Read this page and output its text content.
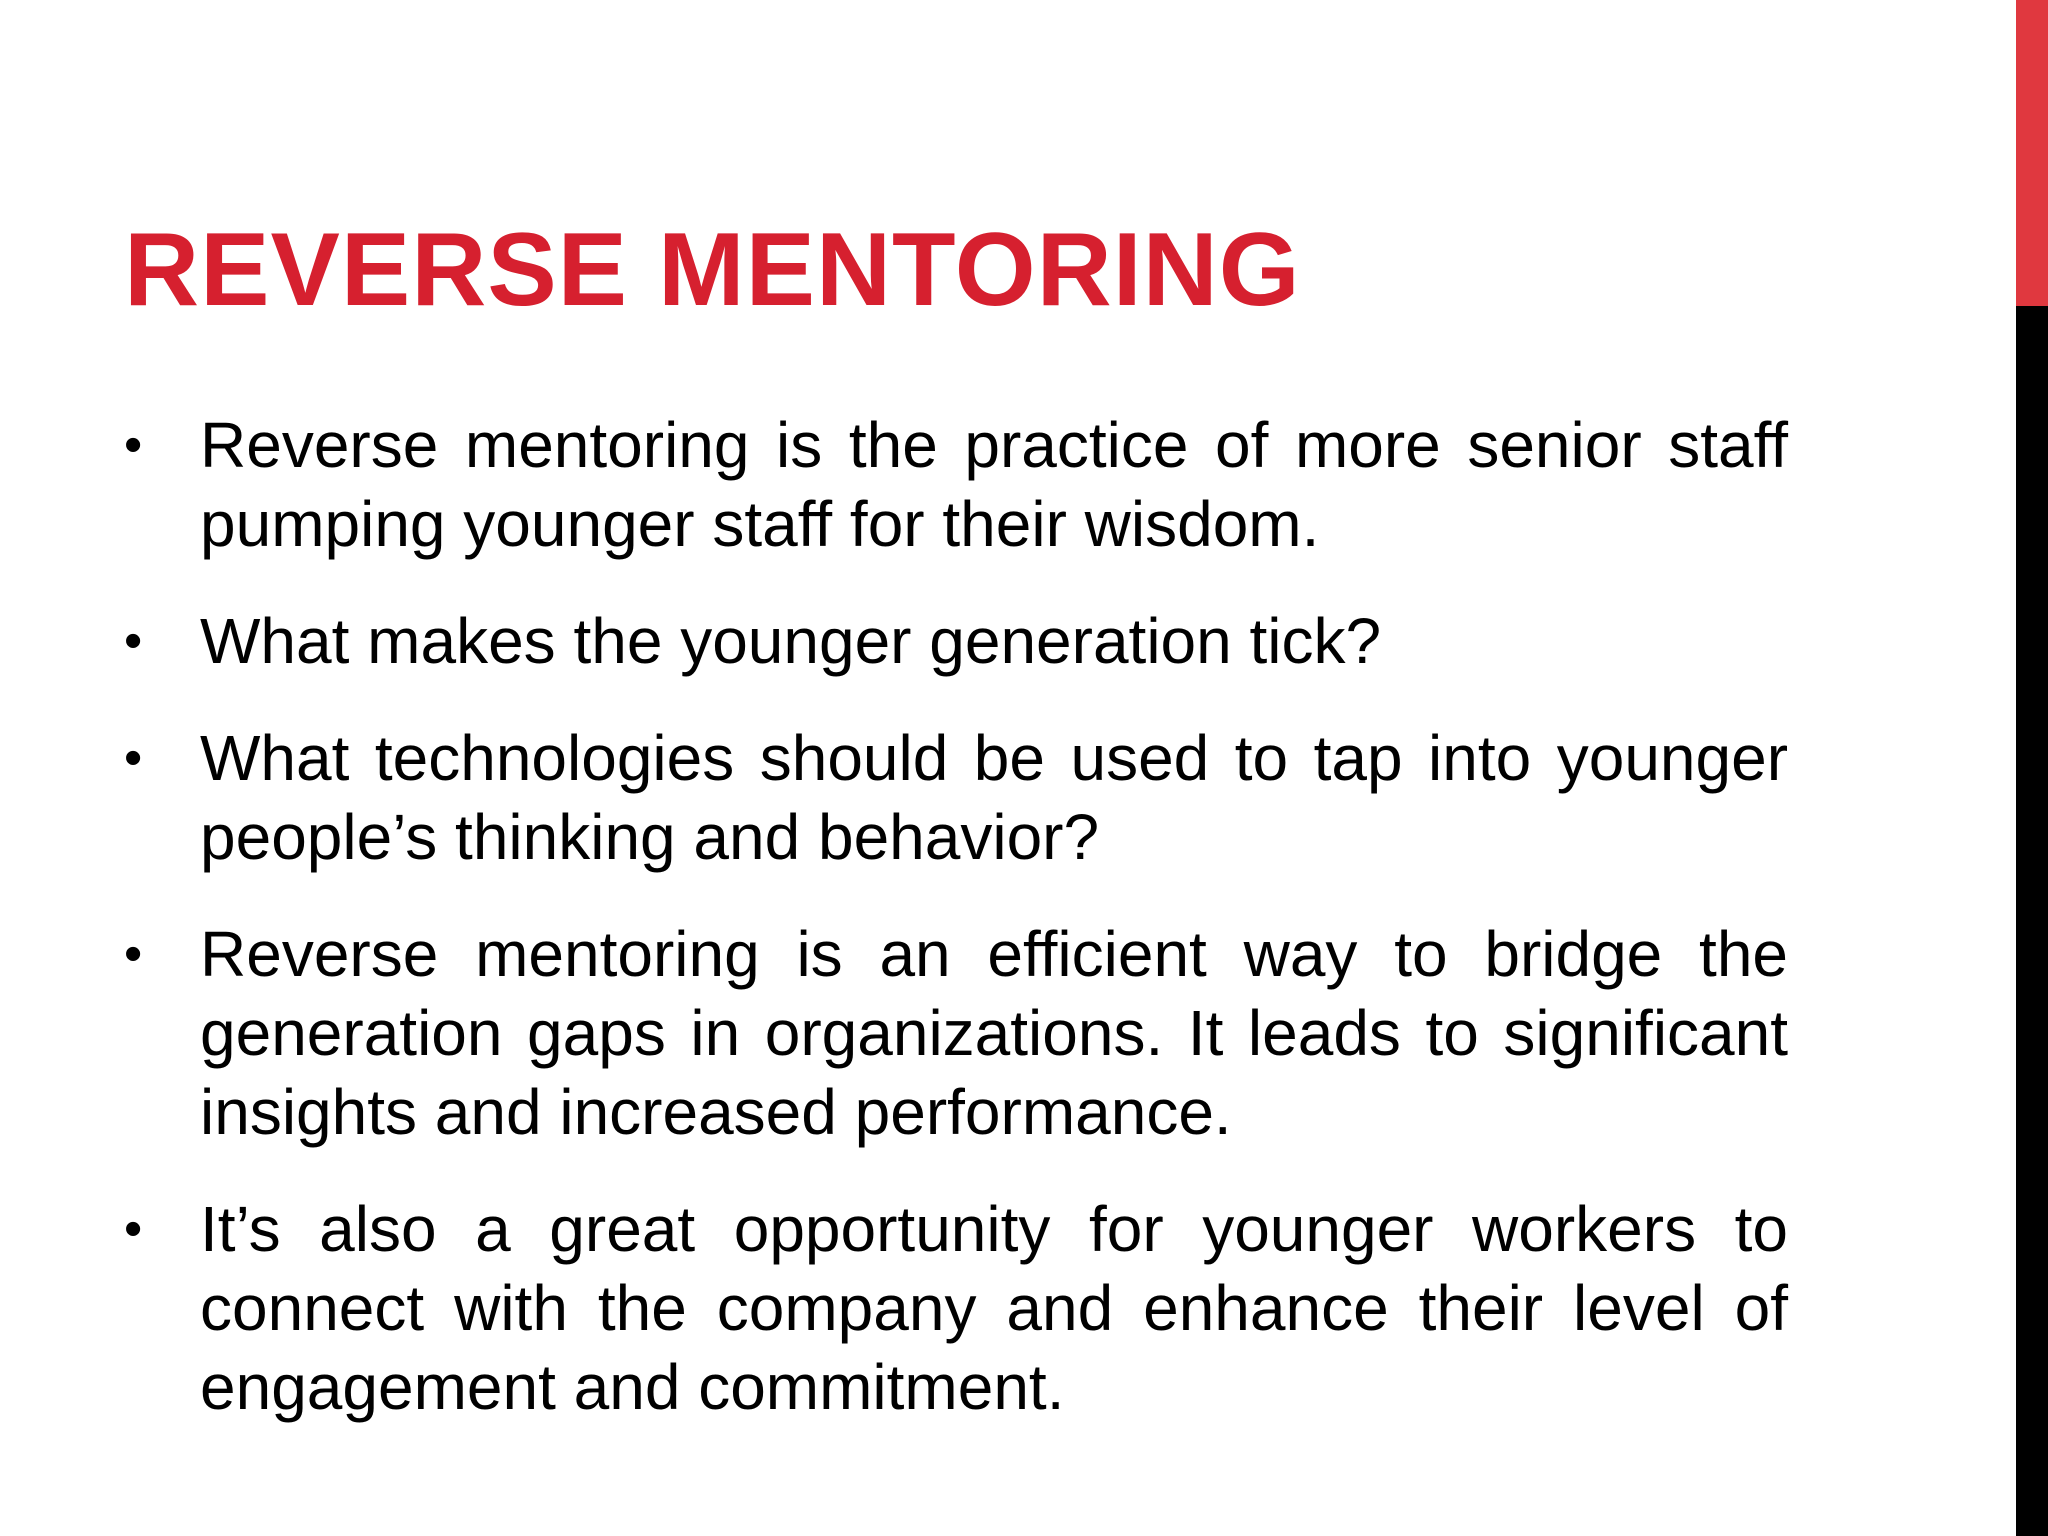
REVERSE MENTORING
• Reverse mentoring is the practice of more senior staff pumping younger staff for their wisdom.
• What makes the younger generation tick?
• What technologies should be used to tap into younger people’s thinking and behavior?
• Reverse mentoring is an efficient way to bridge the generation gaps in organizations. It leads to significant insights and increased performance.
• It’s also a great opportunity for younger workers to connect with the company and enhance their level of engagement and commitment.
